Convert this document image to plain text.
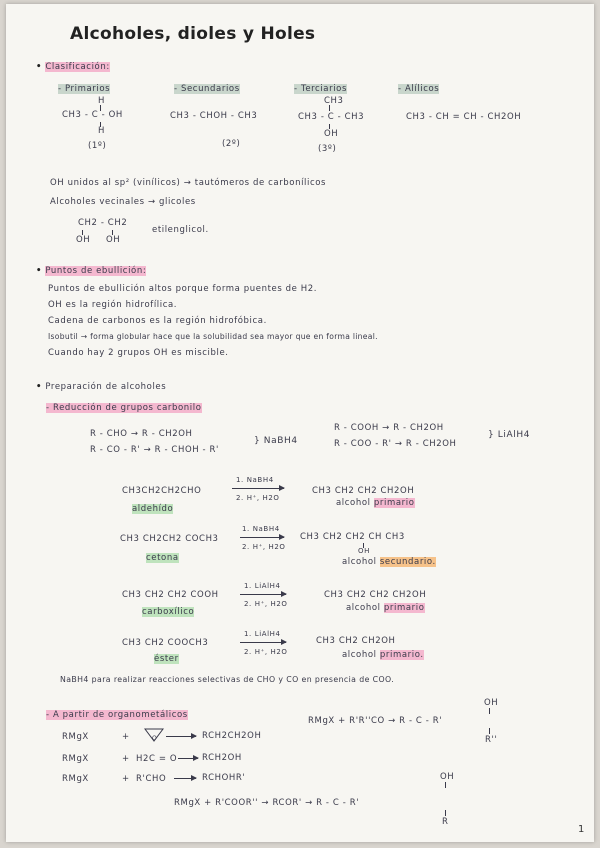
Alcoholes, dioles y Holes
• Clasificación:
- Primarios
H
CH3 - C - OH
H
(1º)
- Secundarios
CH3 - CHOH - CH3
(2º)
- Terciarios
CH3
CH3 - C - CH3
OH
(3º)
- Alílicos
CH3 - CH = CH - CH2OH
OH unidos al sp² (vinílicos) → tautómeros de carbonílicos
Alcoholes vecinales → glicoles
CH2 - CH2
OH OH
etilenglicol.
• Puntos de ebullición:
Puntos de ebullición altos porque forma puentes de H2.
OH es la región hidrofílica.
Cadena de carbonos es la región hidrofóbica.
Isobutil → forma globular hace que la solubilidad sea mayor que en forma lineal.
Cuando hay 2 grupos OH es miscible.
• Preparación de alcoholes
- Reducción de grupos carbonilo
R - CHO → R - CH2OH
R - CO - R' → R - CHOH - R'
} NaBH4
R - COOH → R - CH2OH
R - COO - R' → R - CH2OH
} LiAlH4
CH3CH2CH2CHO
1. NaBH4
2. H⁺, H2O
CH3 CH2 CH2 CH2OH
aldehído
alcohol primario
CH3 CH2CH2 COCH3
1. NaBH4
2. H⁺, H2O
CH3 CH2 CH2 CH CH3
OH
cetona	alcohol secundario.
CH3 CH2 CH2 COOH
1. LiAlH4
2. H⁺, H2O
CH3 CH2 CH2 CH2OH
carboxílico	alcohol primario
CH3 CH2 COOCH3
1. LiAlH4
2. H⁺, H2O
CH3 CH2 CH2OH
éster	alcohol primario.
NaBH4 para realizar reacciones selectivas de CHO y CO en presencia de COO.
- A partir de organometálicos
RMgX	+	O	RCH2CH2OH
RMgX	+ H2C = O	RCH2OH
RMgX	+ R'CHO	RCHOHR'
OH
RMgX + R'R''CO → R - C - R'
R''
OH
RMgX + R'COOR'' → RCOR' → R - C - R'
R
1
